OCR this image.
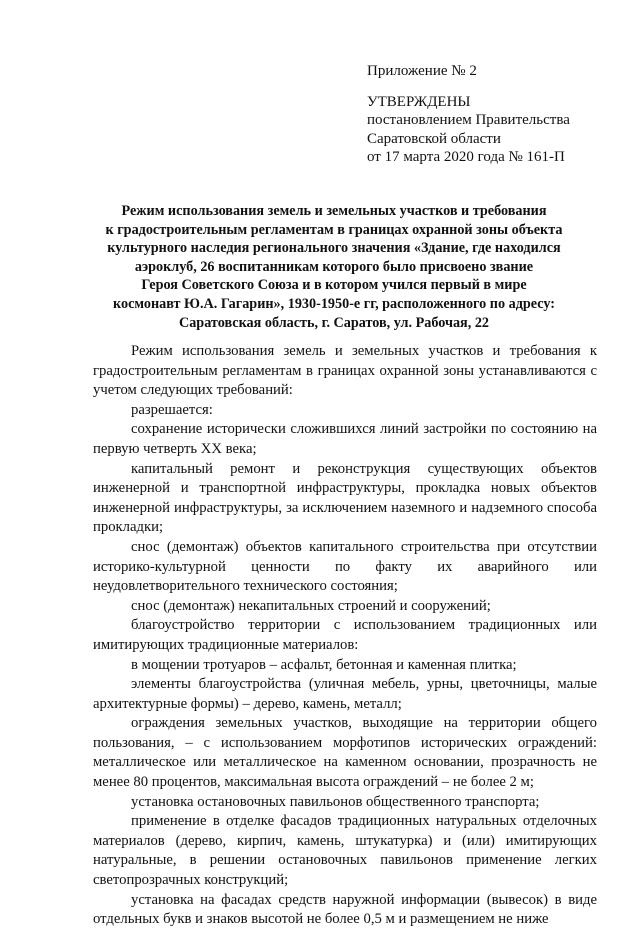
Приложение № 2
УТВЕРЖДЕНЫ
постановлением Правительства
Саратовской области
от 17 марта 2020 года № 161-П
Режим использования земель и земельных участков и требования
к градостроительным регламентам в границах охранной зоны объекта
культурного наследия регионального значения «Здание, где находился
аэроклуб, 26 воспитанникам которого было присвоено звание
Героя Советского Союза и в котором учился первый в мире
космонавт Ю.А. Гагарин», 1930-1950-е гг, расположенного по адресу:
Саратовская область, г. Саратов, ул. Рабочая, 22

Режим использования земель и земельных участков и требования к градостроительным регламентам в границах охранной зоны устанавливаются с учетом следующих требований:

разрешается:

сохранение исторически сложившихся линий застройки по состоянию на первую четверть XX века;

капитальный ремонт и реконструкция существующих объектов инженерной и транспортной инфраструктуры, прокладка новых объектов инженерной инфраструктуры, за исключением наземного и надземного способа прокладки;

снос (демонтаж) объектов капитального строительства при отсутствии историко-культурной ценности по факту их аварийного или неудовлетворительного технического состояния;

снос (демонтаж) некапитальных строений и сооружений;

благоустройство территории с использованием традиционных или имитирующих традиционные материалов:

в мощении тротуаров – асфальт, бетонная и каменная плитка;

элементы благоустройства (уличная мебель, урны, цветочницы, малые архитектурные формы) – дерево, камень, металл;

ограждения земельных участков, выходящие на территории общего пользования, – с использованием морфотипов исторических ограждений: металлическое или металлическое на каменном основании, прозрачность не менее 80 процентов, максимальная высота ограждений – не более 2 м;

установка остановочных павильонов общественного транспорта;

применение в отделке фасадов традиционных натуральных отделочных материалов (дерево, кирпич, камень, штукатурка) и (или) имитирующих натуральные, в решении остановочных павильонов применение легких светопрозрачных конструкций;

установка на фасадах средств наружной информации (вывесок) в виде отдельных букв и знаков высотой не более 0,5 м и размещением не ниже
